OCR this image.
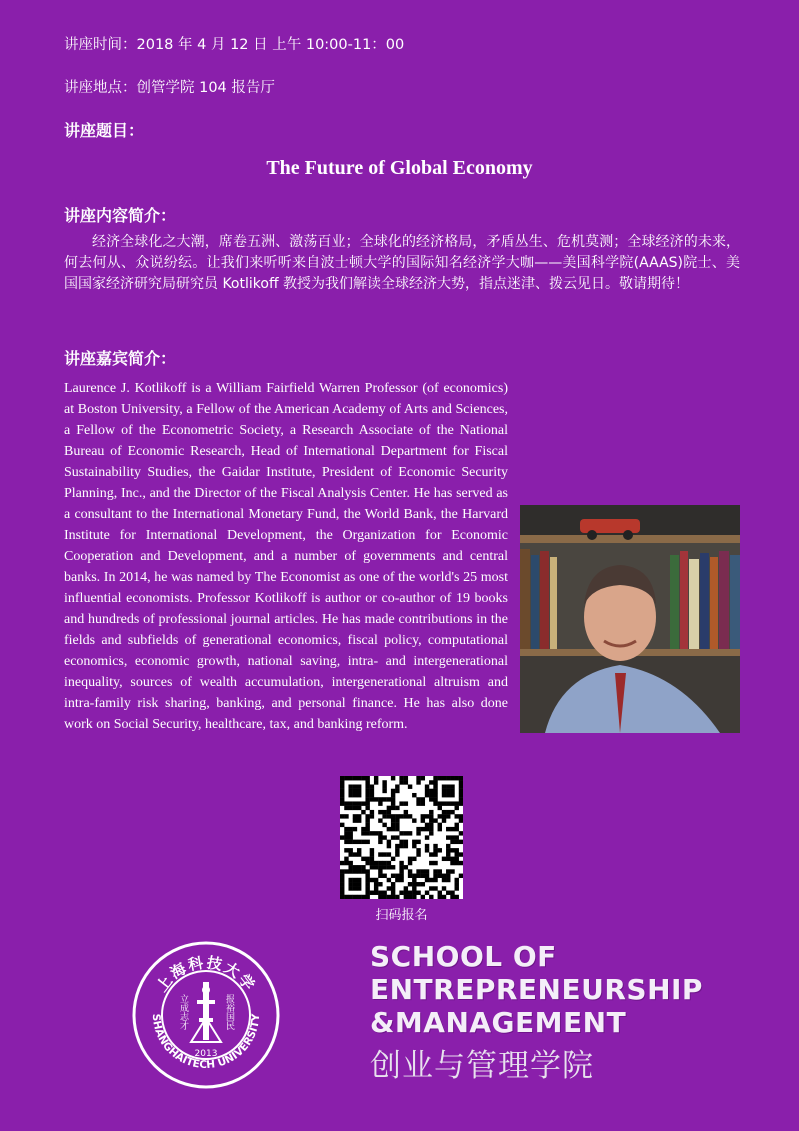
讲座时间：2018 年 4 月 12 日 上午 10:00-11：00
讲座地点：创管学院 104 报告厅
讲座题目：
The Future of Global Economy
讲座内容简介：
经济全球化之大潮，席卷五洲、激荡百业；全球化的经济格局，矛盾丛生、危机莫测；全球经济的未来，何去何从、众说纷纭。让我们来听听来自波士顿大学的国际知名经济学大咖——美国科学院(AAAS)院士、美国国家经济研究局研究员 Kotlikoff 教授为我们解读全球经济大势，指点迷津、拨云见日。敬请期待！
讲座嘉宾简介：
Laurence J. Kotlikoff is a William Fairfield Warren Professor (of economics) at Boston University, a Fellow of the American Academy of Arts and Sciences, a Fellow of the Econometric Society, a Research Associate of the National Bureau of Economic Research, Head of International Department for Fiscal Sustainability Studies, the Gaidar Institute, President of Economic Security Planning, Inc., and the Director of the Fiscal Analysis Center. He has served as a consultant to the International Monetary Fund, the World Bank, the Harvard Institute for International Development, the Organization for Economic Cooperation and Development, and a number of governments and central banks. In 2014, he was named by The Economist as one of the world's 25 most influential economists. Professor Kotlikoff is author or co-author of 19 books and hundreds of professional journal articles. He has made contributions in the fields and subfields of generational economics, fiscal policy, computational economics, economic growth, national saving, intra- and intergenerational inequality, sources of wealth accumulation, intergenerational altruism and intra-family risk sharing, banking, and personal finance. He has also done work on Social Security, healthcare, tax, and banking reform.
扫码报名
上海科技大学
SHANGHAITECH UNIVERSITY
立成志才	报裕国民
2013
SCHOOL OF
ENTREPRENEURSHIP
&MANAGEMENT
创业与管理学院
